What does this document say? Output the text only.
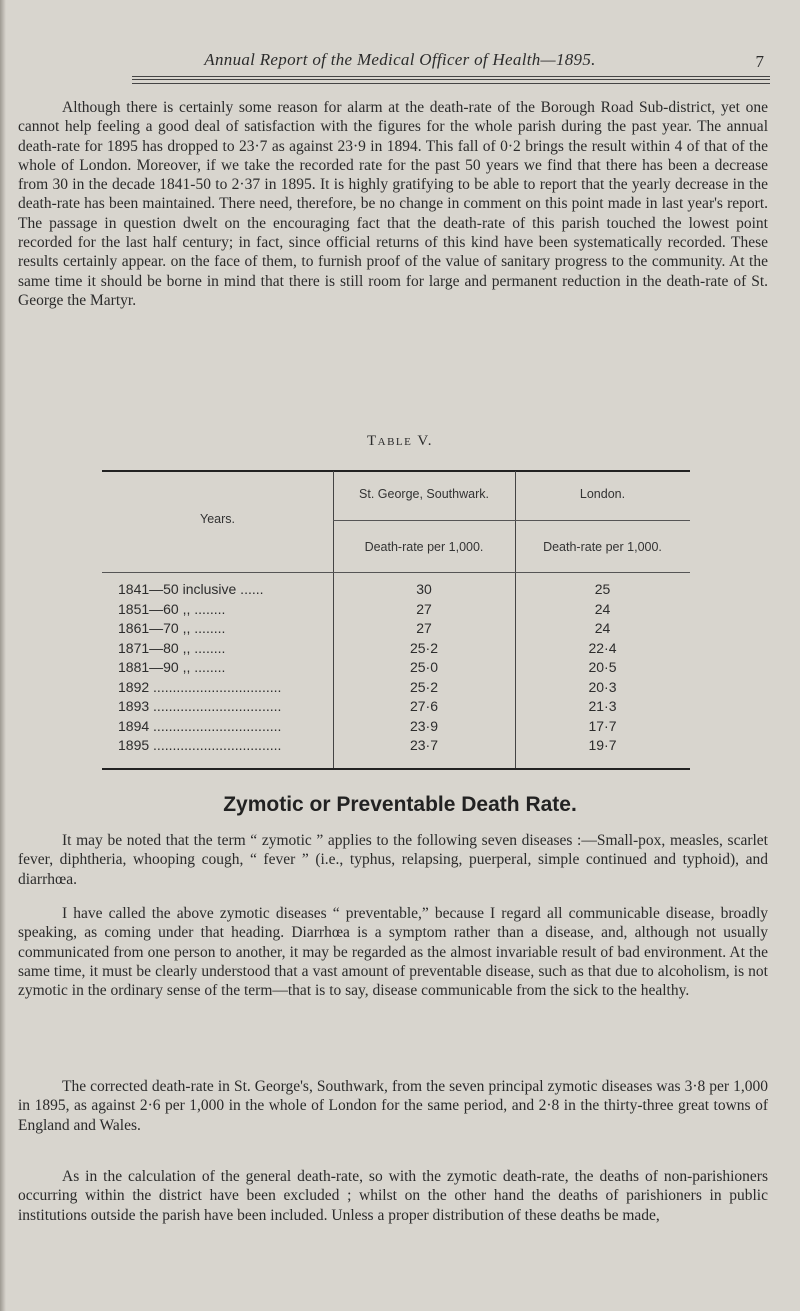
Annual Report of the Medical Officer of Health—1895.	7

Although there is certainly some reason for alarm at the death-rate of the Borough Road Sub-district, yet one cannot help feeling a good deal of satisfaction with the figures for the whole parish during the past year. The annual death-rate for 1895 has dropped to 23·7 as against 23·9 in 1894. This fall of 0·2 brings the result within 4 of that of the whole of London. Moreover, if we take the recorded rate for the past 50 years we find that there has been a decrease from 30 in the decade 1841-50 to 2·37 in 1895. It is highly gratifying to be able to report that the yearly decrease in the death-rate has been maintained. There need, therefore, be no change in comment on this point made in last year's report. The passage in question dwelt on the encouraging fact that the death-rate of this parish touched the lowest point recorded for the last half century; in fact, since official returns of this kind have been systematically recorded. These results certainly appear. on the face of them, to furnish proof of the value of sanitary progress to the community. At the same time it should be borne in mind that there is still room for large and permanent reduction in the death-rate of St. George the Martyr.

Table V.
Years.
St. George, Southwark.	London.
Death-rate per 1,000.	Death-rate per 1,000.
1841—50 inclusive ......	30	25
1851—60 ,, ........	27	24
1861—70 ,, ........	27	24
1871—80 ,, ........	25·2	22·4
1881—90 ,, ........	25·0	20·5
1892 .................................	25·2	20·3
1893 .................................	27·6	21·3
1894 .................................	23·9	17·7
1895 .................................	23·7	19·7
Zymotic or Preventable Death Rate.

It may be noted that the term “ zymotic ” applies to the following seven diseases :—Small-pox, measles, scarlet fever, diphtheria, whooping cough, “ fever ” (i.e., typhus, relapsing, puerperal, simple continued and typhoid), and diarrhœa.

I have called the above zymotic diseases “ preventable,” because I regard all communicable disease, broadly speaking, as coming under that heading. Diarrhœa is a symptom rather than a disease, and, although not usually communicated from one person to another, it may be regarded as the almost invariable result of bad environment. At the same time, it must be clearly understood that a vast amount of preventable disease, such as that due to alcoholism, is not zymotic in the ordinary sense of the term—that is to say, disease communicable from the sick to the healthy.

The corrected death-rate in St. George's, Southwark, from the seven principal zymotic diseases was 3·8 per 1,000 in 1895, as against 2·6 per 1,000 in the whole of London for the same period, and 2·8 in the thirty-three great towns of England and Wales.

As in the calculation of the general death-rate, so with the zymotic death-rate, the deaths of non-parishioners occurring within the district have been excluded ; whilst on the other hand the deaths of parishioners in public institutions outside the parish have been included. Unless a proper distribution of these deaths be made,
